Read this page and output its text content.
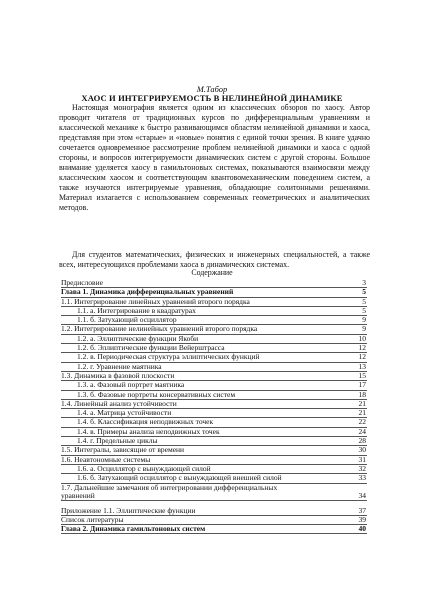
М.Табор
ХАОС И ИНТЕГРИРУЕМОСТЬ В НЕЛИНЕЙНОЙ ДИНАМИКЕ

Настоящая монография является одним из классических обзоров по хаосу. Автор проводит читателя от традиционных курсов по дифференциальным уравнениям и классической механике к быстро развивающимся областям нелинейной динамики и хаоса, представляя при этом «старые» и «новые» понятия с единой точки зрения. В книге удачно сочетается одновременное рассмотрение проблем нелинейной динамики и хаоса с одной стороны, и вопросов интегрируемости динамических систем с другой стороны. Большое внимание уделяется хаосу в гамильтоновых системах, показываются взаимосвязи между классическим хаосом и соответствующим квантовомеханическим поведением систем, а также изучаются интегрируемые уравнения, обладающие солитонными решениями. Материал излагается с использованием современных геометрических и аналитических методов.

Для студентов математических, физических и инженерных специальностей, а также всех, интересующихся проблемами хаоса в динамических системах.

Содержание
Предисловие	3
Глава 1. Динамика дифференциальных уравнений	5
1.1. Интегрирование линейных уравнений второго порядка	5
1.1. а. Интегрирование в квадратурах	5
1.1. б. Затухающий осциллятор	9
1.2. Интегрирование нелинейных уравнений второго порядка	9
1.2. а. Эллиптические функции Якоби	10
1.2. б. Эллиптические функции Вейерштрасса	12
1.2. в. Периодическая структура эллиптических функций	12
1.2. г. Уравнение маятника	13
1.3. Динамика в фазовой плоскости	15
1.3. а. Фазовый портрет маятника	17
1.3. б. Фазовые портреты консервативных систем	18
1.4. Линейный анализ устойчивости	21
1.4. а. Матрица устойчивости	21
1.4. б. Классификация неподвижных точек	22
1.4. в. Примеры анализа неподвижных точек	24
1.4. г. Предельные циклы	28
1.5. Интегралы, зависящие от времени	30
1.6. Неавтономные системы	31
1.6. а. Осциллятор с вынуждающей силой	32
1.6. б. Затухающий осциллятор с вынуждающей внешней силой	33
1.7. Дальнейшие замечания об интегрировании дифференциальных уравнений	34

Приложение 1.1. Эллиптические функции	37
Список литературы	39
Глава 2. Динамика гамильтоновых систем	40
